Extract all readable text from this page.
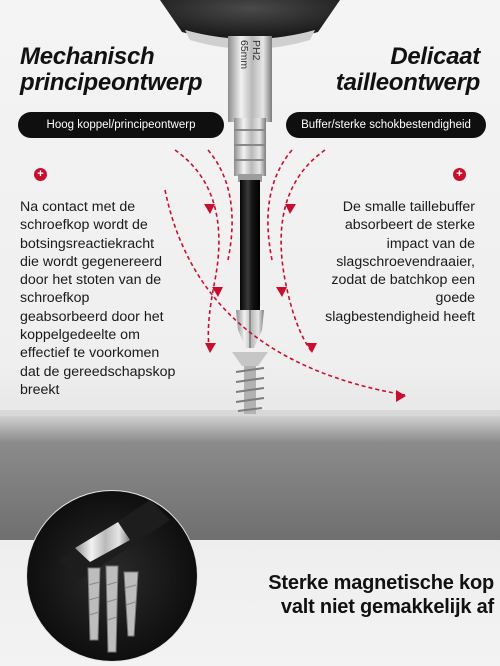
PH2
65mm
Mechanisch
principeontwerp
Delicaat
tailleontwerp
Hoog koppel/principeontwerp	Buffer/sterke schokbestendigheid
+	+
Na contact met de
schroefkop wordt de
botsingsreactiekracht
die wordt gegenereerd
door het stoten van de
schroefkop
geabsorbeerd door het
koppelgedeelte om
effectief te voorkomen
dat de gereedschapskop
breekt
De smalle taillebuffer
absorbeert de sterke
impact van de
slagschroevendraaier,
zodat de batchkop een
goede
slagbestendigheid heeft
Sterke magnetische kop
valt niet gemakkelijk af
